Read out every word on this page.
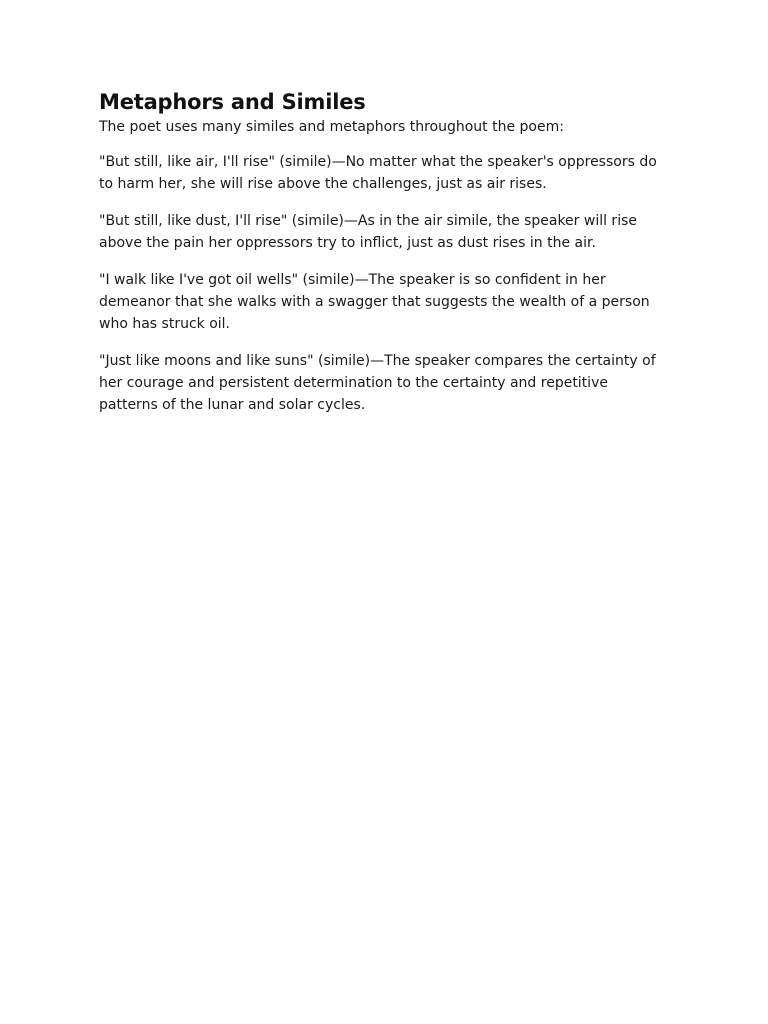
Metaphors and Similes

The poet uses many similes and metaphors throughout the poem:

"But still, like air, I'll rise" (simile)—No matter what the speaker's oppressors do to harm her, she will rise above the challenges, just as air rises.

"But still, like dust, I'll rise" (simile)—As in the air simile, the speaker will rise above the pain her oppressors try to inflict, just as dust rises in the air.

"I walk like I've got oil wells" (simile)—The speaker is so confident in her demeanor that she walks with a swagger that suggests the wealth of a person who has struck oil.

"Just like moons and like suns" (simile)—The speaker compares the certainty of her courage and persistent determination to the certainty and repetitive patterns of the lunar and solar cycles.
